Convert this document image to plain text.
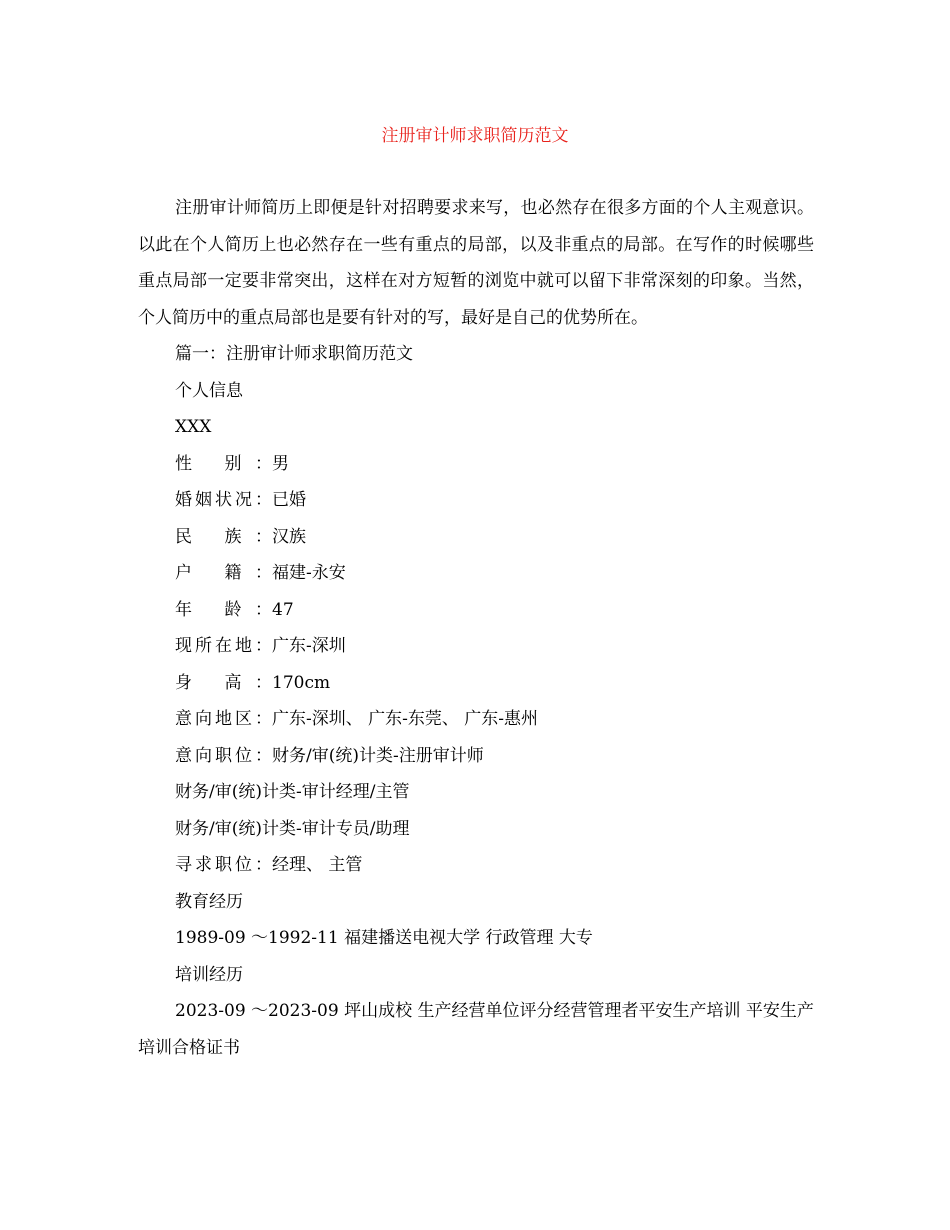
注册审计师求职简历范文

注册审计师简历上即便是针对招聘要求来写，也必然存在很多方面的个人主观意识。以此在个人简历上也必然存在一些有重点的局部，以及非重点的局部。在写作的时候哪些重点局部一定要非常突出，这样在对方短暂的浏览中就可以留下非常深刻的印象。当然，个人简历中的重点局部也是要有针对的写，最好是自己的优势所在。

篇一：注册审计师求职简历范文

个人信息

XXX

性 别： 男
婚姻状况： 已婚
民 族： 汉族
户 籍： 福建-永安
年 龄： 47
现所在地： 广东-深圳
身 高： 170cm
意向地区： 广东-深圳、 广东-东莞、 广东-惠州
意向职位： 财务/审(统)计类-注册审计师

财务/审(统)计类-审计经理/主管

财务/审(统)计类-审计专员/助理

寻求职位： 经理、 主管

教育经历

1989-09 ～1992-11 福建播送电视大学 行政管理 大专

培训经历

2023-09 ～2023-09 坪山成校 生产经营单位评分经营管理者平安生产培训 平安生产培训合格证书
